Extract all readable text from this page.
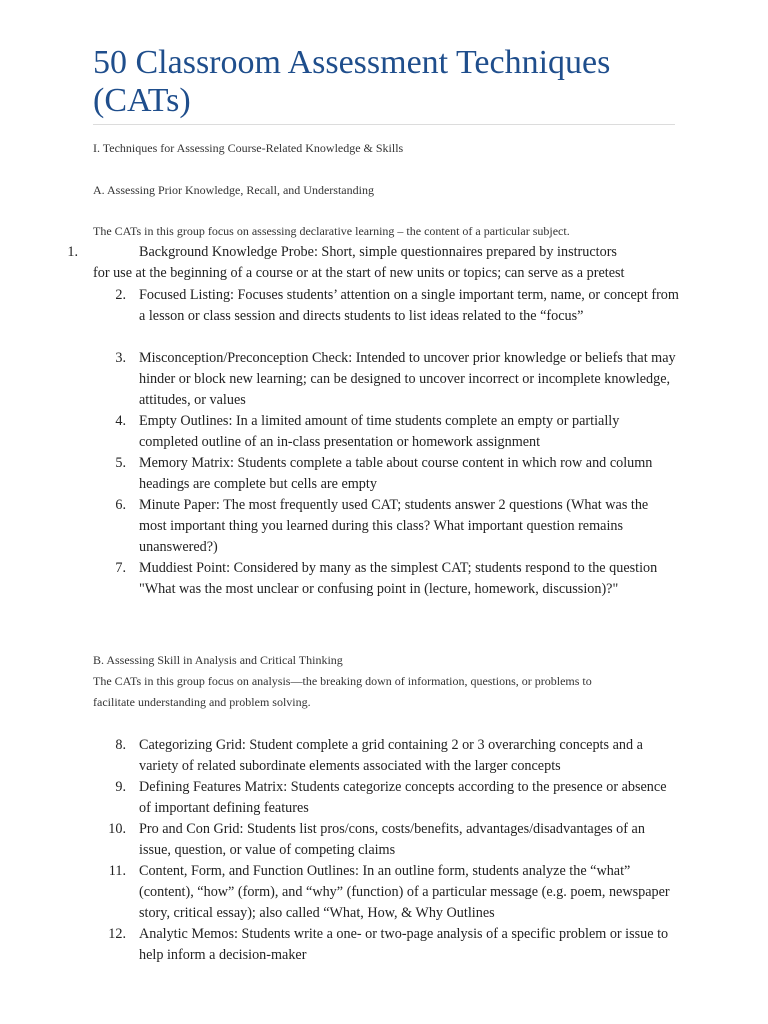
50 Classroom Assessment Techniques (CATs)
I. Techniques for Assessing Course-Related Knowledge & Skills
A. Assessing Prior Knowledge, Recall, and Understanding
The CATs in this group focus on assessing declarative learning – the content of a particular subject.
1.	Background Knowledge Probe: Short, simple questionnaires prepared by instructors
for use at the beginning of a course or at the start of new units or topics; can serve as a pretest
2. Focused Listing: Focuses students’ attention on a single important term, name, or concept from a lesson or class session and directs students to list ideas related to the “focus”
3. Misconception/Preconception Check: Intended to uncover prior knowledge or beliefs that may hinder or block new learning; can be designed to uncover incorrect or incomplete knowledge, attitudes, or values
4. Empty Outlines: In a limited amount of time students complete an empty or partially completed outline of an in-class presentation or homework assignment
5. Memory Matrix: Students complete a table about course content in which row and column headings are complete but cells are empty
6. Minute Paper: The most frequently used CAT; students answer 2 questions (What was the most important thing you learned during this class? What important question remains unanswered?)
7. Muddiest Point: Considered by many as the simplest CAT; students respond to the question "What was the most unclear or confusing point in (lecture, homework, discussion)?"
B. Assessing Skill in Analysis and Critical Thinking
The CATs in this group focus on analysis—the breaking down of information, questions, or problems to
facilitate understanding and problem solving.
8. Categorizing Grid: Student complete a grid containing 2 or 3 overarching concepts and a variety of related subordinate elements associated with the larger concepts
9. Defining Features Matrix: Students categorize concepts according to the presence or absence of important defining features
10. Pro and Con Grid: Students list pros/cons, costs/benefits, advantages/disadvantages of an issue, question, or value of competing claims
11. Content, Form, and Function Outlines: In an outline form, students analyze the “what” (content), “how” (form), and “why” (function) of a particular message (e.g. poem, newspaper story, critical essay); also called “What, How, & Why Outlines
12. Analytic Memos: Students write a one- or two-page analysis of a specific problem or issue to help inform a decision-maker
